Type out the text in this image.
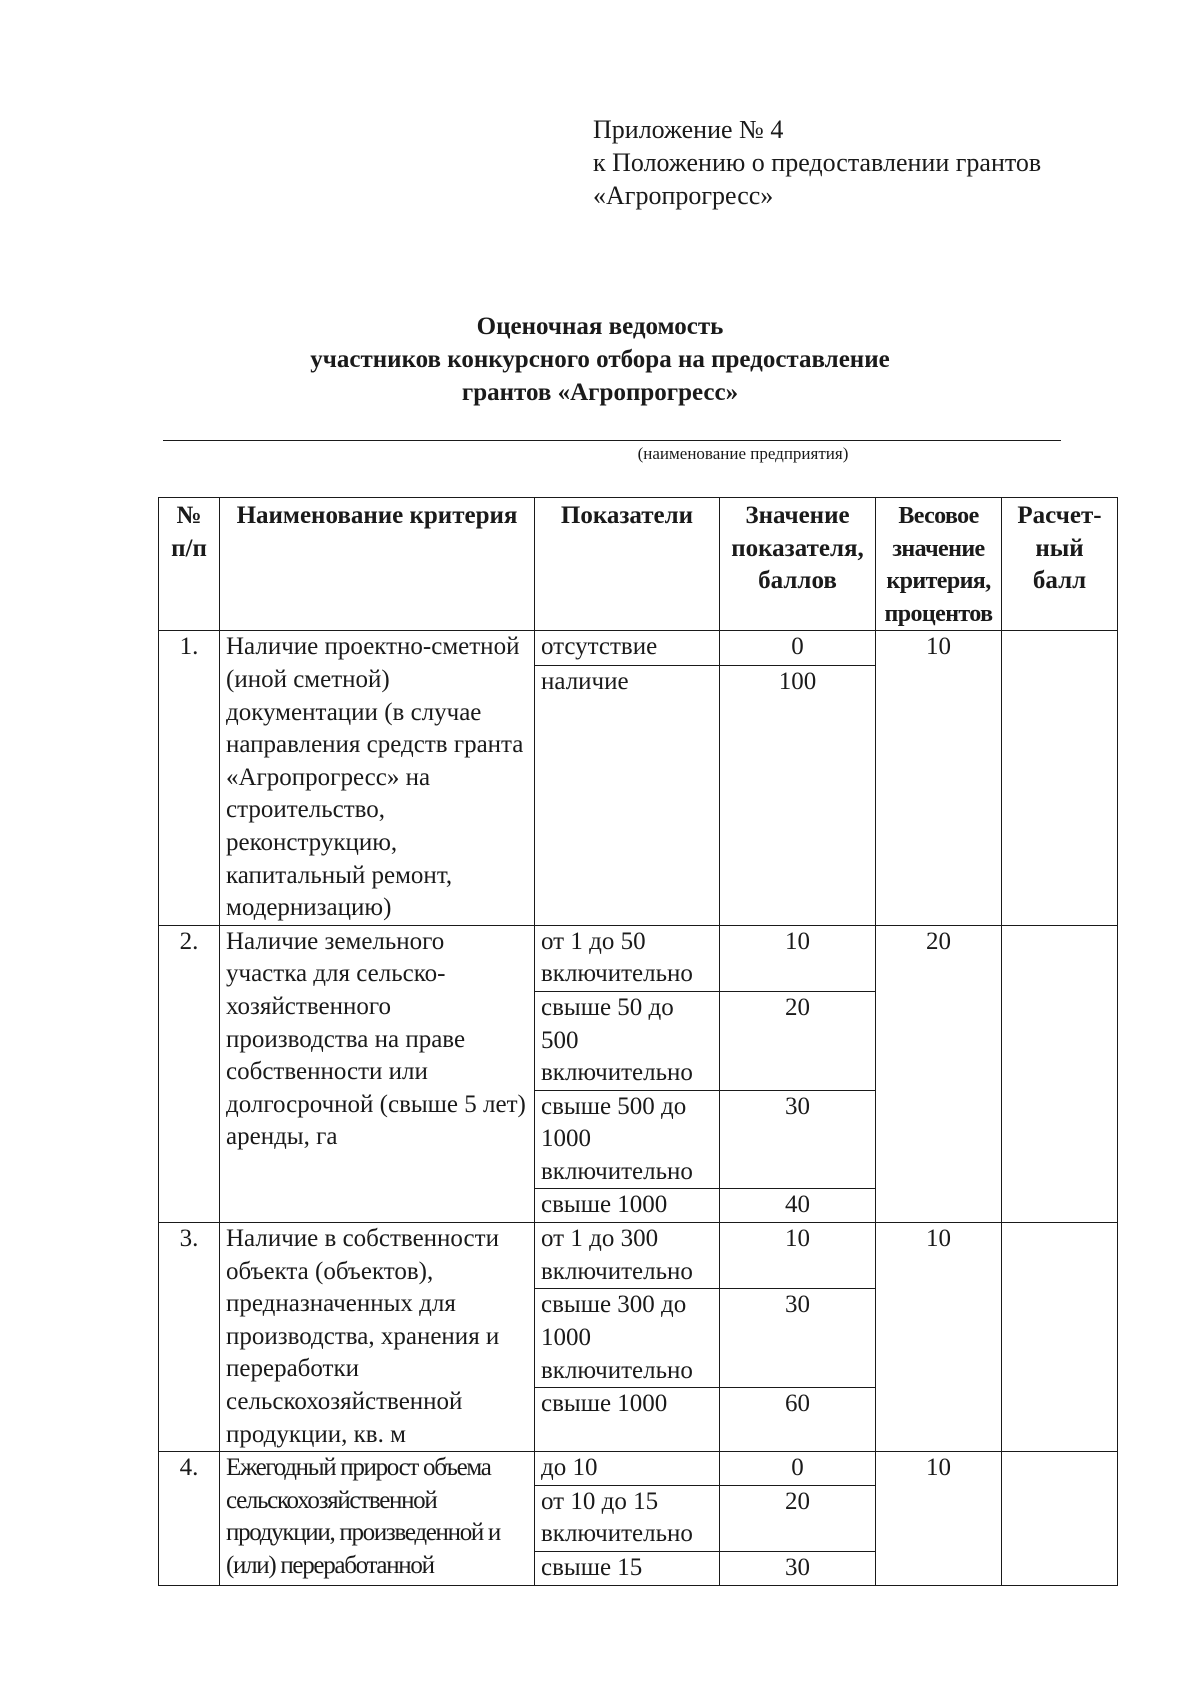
Приложение № 4
к Положению о предоставлении грантов
«Агропрогресс»
Оценочная ведомость
участников конкурсного отбора на предоставление
грантов «Агропрогресс»
(наименование предприятия)
№ п/п	Наименование критерия	Показатели	Значение показателя, баллов	Весовое значение критерия, процентов	Расчет-ный балл
1.	Наличие проектно-сметной (иной сметной) документации (в случае направления средств гранта «Агропрогресс» на строительство, реконструкцию, капитальный ремонт, модернизацию)	отсутствие	0	10	
		наличие	100		
2.	Наличие земельного участка для сельско-хозяйственного производства на праве собственности или долгосрочной (свыше 5 лет) аренды, га	от 1 до 50 включительно	10	20	
		свыше 50 до 500 включительно	20		
		свыше 500 до 1000 включительно	30		
		свыше 1000	40		
3.	Наличие в собственности объекта (объектов), предназначенных для производства, хранения и переработки сельскохозяйственной продукции, кв. м	от 1 до 300 включительно	10	10	
		свыше 300 до 1000 включительно	30		
		свыше 1000	60		
4.	Ежегодный прирост объема сельскохозяйственной продукции, произведенной и (или) переработанной	до 10	0	10	
		от 10 до 15 включительно	20		
		свыше 15	30		
